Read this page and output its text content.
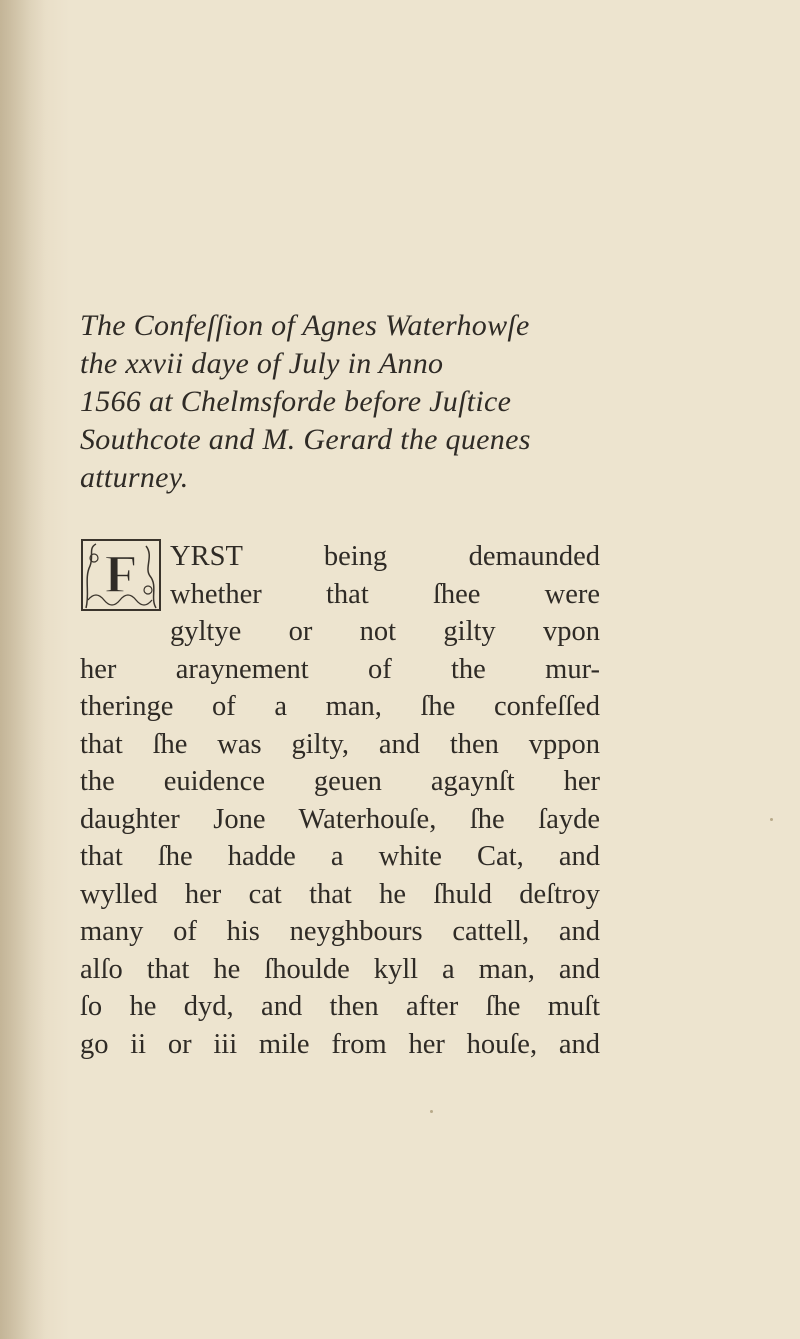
The Confeſſion of Agnes Waterhowſe
the xxvii daye of July in Anno
1566 at Chelmsforde before Juſtice
Southcote and M. Gerard the quenes
atturney.
F YRST being demaunded
whether that ſhee were
gyltye or not gilty vpon
her araynement of the mur-
theringe of a man, ſhe confeſſed
that ſhe was gilty, and then vppon
the euidence geuen agaynſt her
daughter Jone Waterhouſe, ſhe ſayde
that ſhe hadde a white Cat, and
wylled her cat that he ſhuld deſtroy
many of his neyghbours cattell, and
alſo that he ſhoulde kyll a man, and
ſo he dyd, and then after ſhe muſt
go ii or iii mile from her houſe, and
